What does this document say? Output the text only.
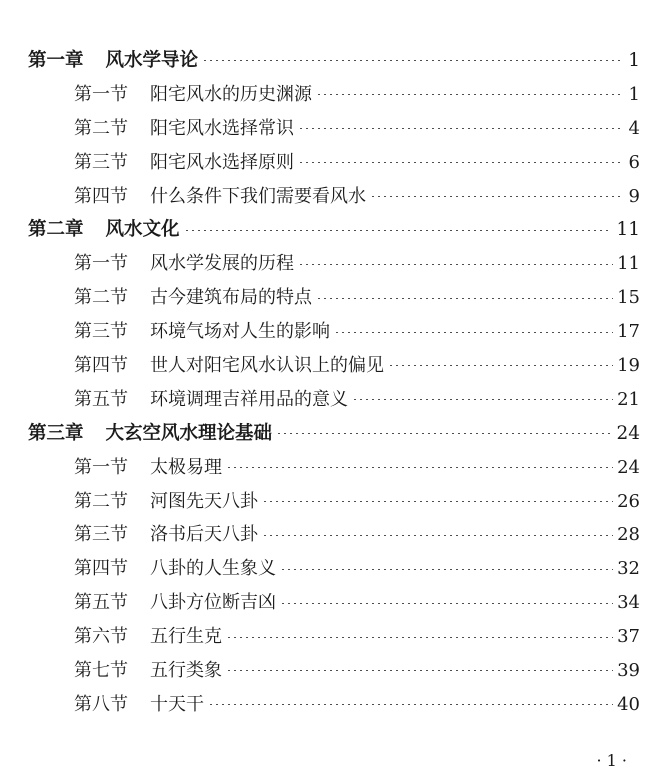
第一章 风水学导论	1
第一节 阳宅风水的历史渊源	1
第二节 阳宅风水选择常识	4
第三节 阳宅风水选择原则	6
第四节 什么条件下我们需要看风水	9
第二章 风水文化	11
第一节 风水学发展的历程	11
第二节 古今建筑布局的特点	15
第三节 环境气场对人生的影响	17
第四节 世人对阳宅风水认识上的偏见	19
第五节 环境调理吉祥用品的意义	21
第三章 大玄空风水理论基础	24
第一节 太极易理	24
第二节 河图先天八卦	26
第三节 洛书后天八卦	28
第四节 八卦的人生象义	32
第五节 八卦方位断吉凶	34
第六节 五行生克	37
第七节 五行类象	39
第八节 十天干	40
· 1 ·
